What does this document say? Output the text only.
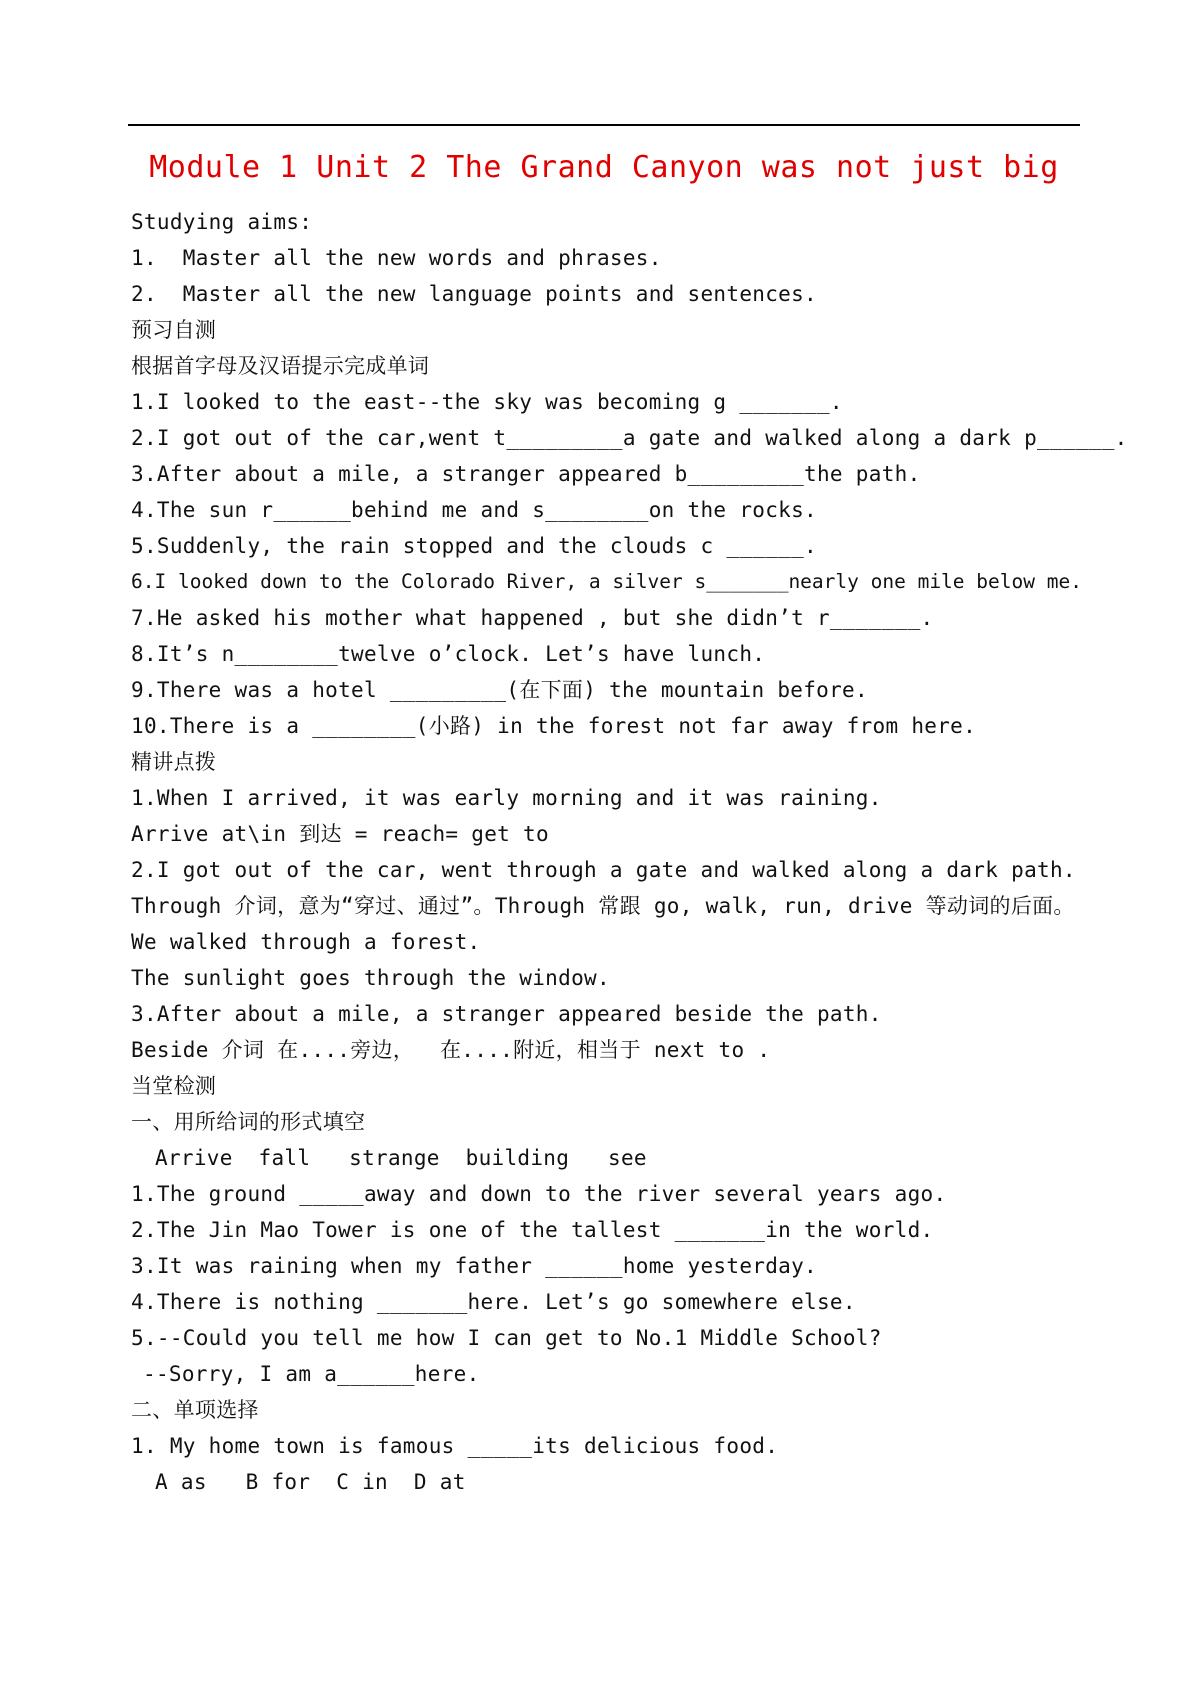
Module 1 Unit 2 The Grand Canyon was not just big
Studying aims:
1.  Master all the new words and phrases.
2.  Master all the new language points and sentences.
预习自测
根据首字母及汉语提示完成单词
1.I looked to the east--the sky was becoming g _______.
2.I got out of the car,went t_________a gate and walked along a dark p______.
3.After about a mile, a stranger appeared b_________the path.
4.The sun r______behind me and s________on the rocks.
5.Suddenly, the rain stopped and the clouds c ______.
6.I looked down to the Colorado River, a silver s_______nearly one mile below me.
7.He asked his mother what happened , but she didn’t r_______.
8.It’s n________twelve o’clock. Let’s have lunch.
9.There was a hotel _________(在下面) the mountain before.
10.There is a ________(小路) in the forest not far away from here.
精讲点拨
1.When I arrived, it was early morning and it was raining.
Arrive at\in 到达 = reach= get to
2.I got out of the car, went through a gate and walked along a dark path.
Through 介词，意为“穿过、通过”。Through 常跟 go, walk, run, drive 等动词的后面。
We walked through a forest.
The sunlight goes through the window.
3.After about a mile, a stranger appeared beside the path.
Beside 介词 在....旁边，  在....附近，相当于 next to .
当堂检测
一、用所给词的形式填空
Arrive  fall   strange  building   see
1.The ground _____away and down to the river several years ago.
2.The Jin Mao Tower is one of the tallest _______in the world.
3.It was raining when my father ______home yesterday.
4.There is nothing _______here. Let’s go somewhere else.
5.--Could you tell me how I can get to No.1 Middle School?
--Sorry, I am a______here.
二、单项选择
1. My home town is famous _____its delicious food.
A as   B for  C in  D at
